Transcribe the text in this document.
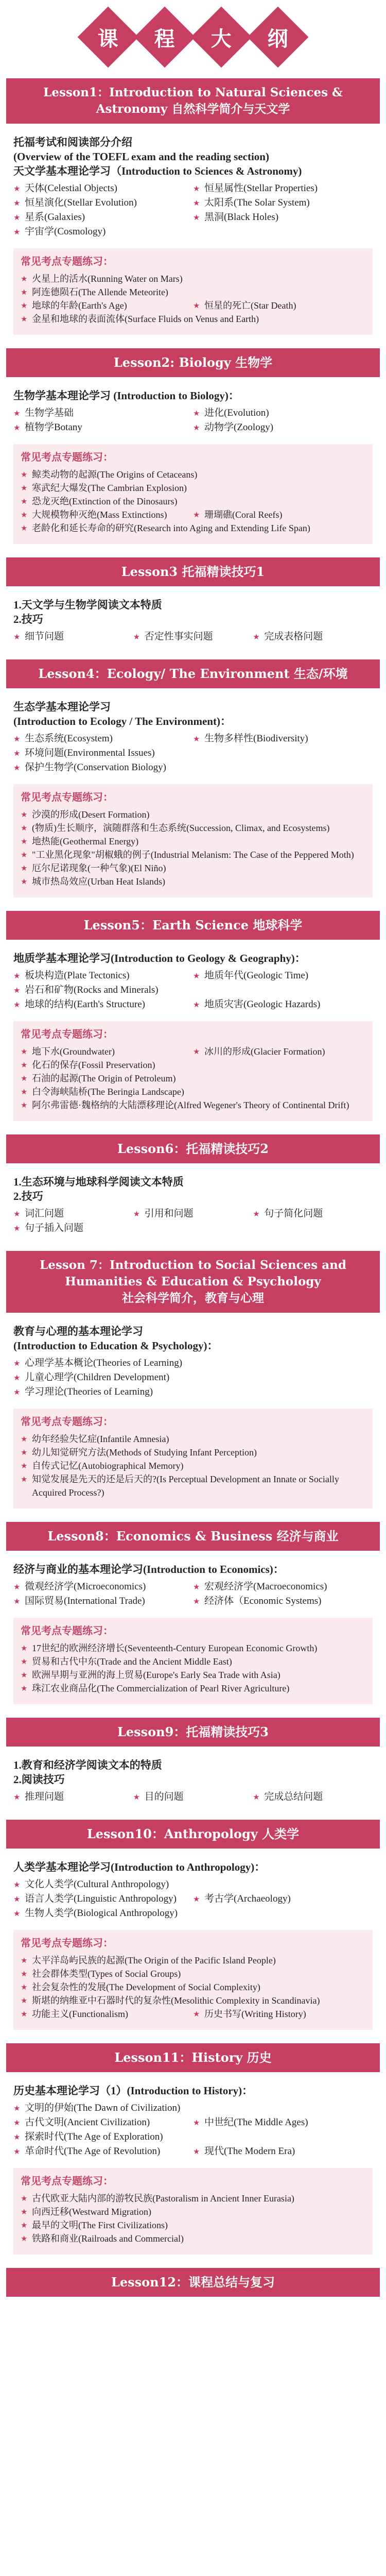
课 程 大 纲
Lesson1：Introduction to Natural Sciences &
Astronomy 自然科学简介与天文学
托福考试和阅读部分介绍
(Overview of the TOEFL exam and the reading section)
天文学基本理论学习（Introduction to Sciences & Astronomy)
★ 天体(Celestial Objects)	★ 恒星属性(Stellar Properties)
★ 恒星演化(Stellar Evolution)	★ 太阳系(The Solar System)
★ 星系(Galaxies)	★ 黑洞(Black Holes)
★ 宇宙学(Cosmology)
常见考点专题练习：
★ 火星上的活水(Running Water on Mars)
★ 阿连德陨石(The Allende Meteorite)
★ 地球的年龄(Earth's Age)	★ 恒星的死亡(Star Death)
★ 金星和地球的表面流体(Surface Fluids on Venus and Earth)
Lesson2: Biology 生物学
生物学基本理论学习 (Introduction to Biology)：
★ 生物学基础	★ 进化(Evolution)
★ 植物学Botany	★ 动物学(Zoology)
常见考点专题练习：
★ 鲸类动物的起源(The Origins of Cetaceans)
★ 寒武纪大爆发(The Cambrian Explosion)
★ 恐龙灭绝(Extinction of the Dinosaurs)
★ 大规模物种灭绝(Mass Extinctions)	★ 珊瑚礁(Coral Reefs)
★ 老龄化和延长寿命的研究(Research into Aging and Extending Life Span)
Lesson3 托福精读技巧1
1.天文学与生物学阅读文本特质
2.技巧
★ 细节问题	★ 否定性事实问题	★ 完成表格问题
Lesson4：Ecology/ The Environment 生态/环境
生态学基本理论学习
(Introduction to Ecology / The Environment)：
★ 生态系统(Ecosystem)	★ 生物多样性(Biodiversity)
★ 环境问题(Environmental Issues)
★ 保护生物学(Conservation Biology)
常见考点专题练习：
★ 沙漠的形成(Desert Formation)
★ (物质)生长顺序，演随群落和生态系统(Succession, Climax, and Ecosystems)
★ 地热能(Geothermal Energy)
★ "工业黑化现象"胡椒蛾的例子(Industrial Melanism: The Case of the Peppered Moth)
★ 厄尔尼诺现象(一种气象)(El Niño)
★ 城市热岛效应(Urban Heat Islands)
Lesson5：Earth Science 地球科学
地质学基本理论学习(Introduction to Geology & Geography)：
★ 板块构造(Plate Tectonics)	★ 地质年代(Geologic Time)
★ 岩石和矿物(Rocks and Minerals)
★ 地球的结构(Earth's Structure)	★ 地质灾害(Geologic Hazards)
常见考点专题练习：
★ 地下水(Groundwater)	★ 冰川的形成(Glacier Formation)
★ 化石的保存(Fossil Preservation)
★ 石油的起源(The Origin of Petroleum)
★ 白令海峡陆桥(The Beringia Landscape)
★ 阿尔弗雷德·魏格纳的大陆漂移理论(Alfred Wegener's Theory of Continental Drift)
Lesson6：托福精读技巧2
1.生态环境与地球科学阅读文本特质
2.技巧
★ 词汇问题	★ 引用和问题	★ 句子简化问题
★ 句子插入问题
Lesson 7：Introduction to Social Sciences and
Humanities & Education & Psychology
社会科学简介，教育与心理
教育与心理的基本理论学习
(Introduction to Education & Psychology)：
★ 心理学基本概论(Theories of Learning)
★ 儿童心理学(Children Development)
★ 学习理论(Theories of Learning)
常见考点专题练习：
★ 幼年经验失忆症(Infantile Amnesia)
★ 幼儿知觉研究方法(Methods of Studying Infant Perception)
★ 自传式记忆(Autobiographical Memory)
★ 知觉发展是先天的还是后天的?(Is Perceptual Development an Innate or Socially Acquired Process?)
Lesson8：Economics & Business 经济与商业
经济与商业的基本理论学习(Introduction to Economics)：
★ 微观经济学(Microeconomics)	★ 宏观经济学(Macroeconomics)
★ 国际贸易(International Trade)	★ 经济体（Economic Systems)
常见考点专题练习：
★ 17世纪的欧洲经济增长(Seventeenth-Century European Economic Growth)
★ 贸易和古代中东(Trade and the Ancient Middle East)
★ 欧洲早期与亚洲的海上贸易(Europe's Early Sea Trade with Asia)
★ 珠江农业商品化(The Commercialization of Pearl River Agriculture)
Lesson9：托福精读技巧3
1.教育和经济学阅读文本的特质
2.阅读技巧
★ 推理问题	★ 目的问题	★ 完成总结问题
Lesson10：Anthropology 人类学
人类学基本理论学习(Introduction to Anthropology)：
★ 文化人类学(Cultural Anthropology)
★ 语言人类学(Linguistic Anthropology)	★ 考古学(Archaeology)
★ 生物人类学(Biological Anthropology)
常见考点专题练习：
★ 太平洋岛屿民族的起源(The Origin of the Pacific Island People)
★ 社会群体类型(Types of Social Groups)
★ 社会复杂性的发展(The Development of Social Complexity)
★ 斯堪的纳维亚中石器时代的复杂性(Mesolithic Complexity in Scandinavia)
★ 功能主义(Functionalism)	★ 历史书写(Writing History)
Lesson11：History 历史
历史基本理论学习（1）(Introduction to History)：
★ 文明的伊始(The Dawn of Civilization)
★ 古代文明(Ancient Civilization)	★ 中世纪(The Middle Ages)
★ 探索时代(The Age of Exploration)
★ 革命时代(The Age of Revolution)	★ 现代(The Modern Era)
常见考点专题练习：
★ 古代欧亚大陆内部的游牧民族(Pastoralism in Ancient Inner Eurasia)
★ 向西迁移(Westward Migration)
★ 最早的文明(The First Civilizations)
★ 铁路和商业(Railroads and Commercial)
Lesson12：课程总结与复习
